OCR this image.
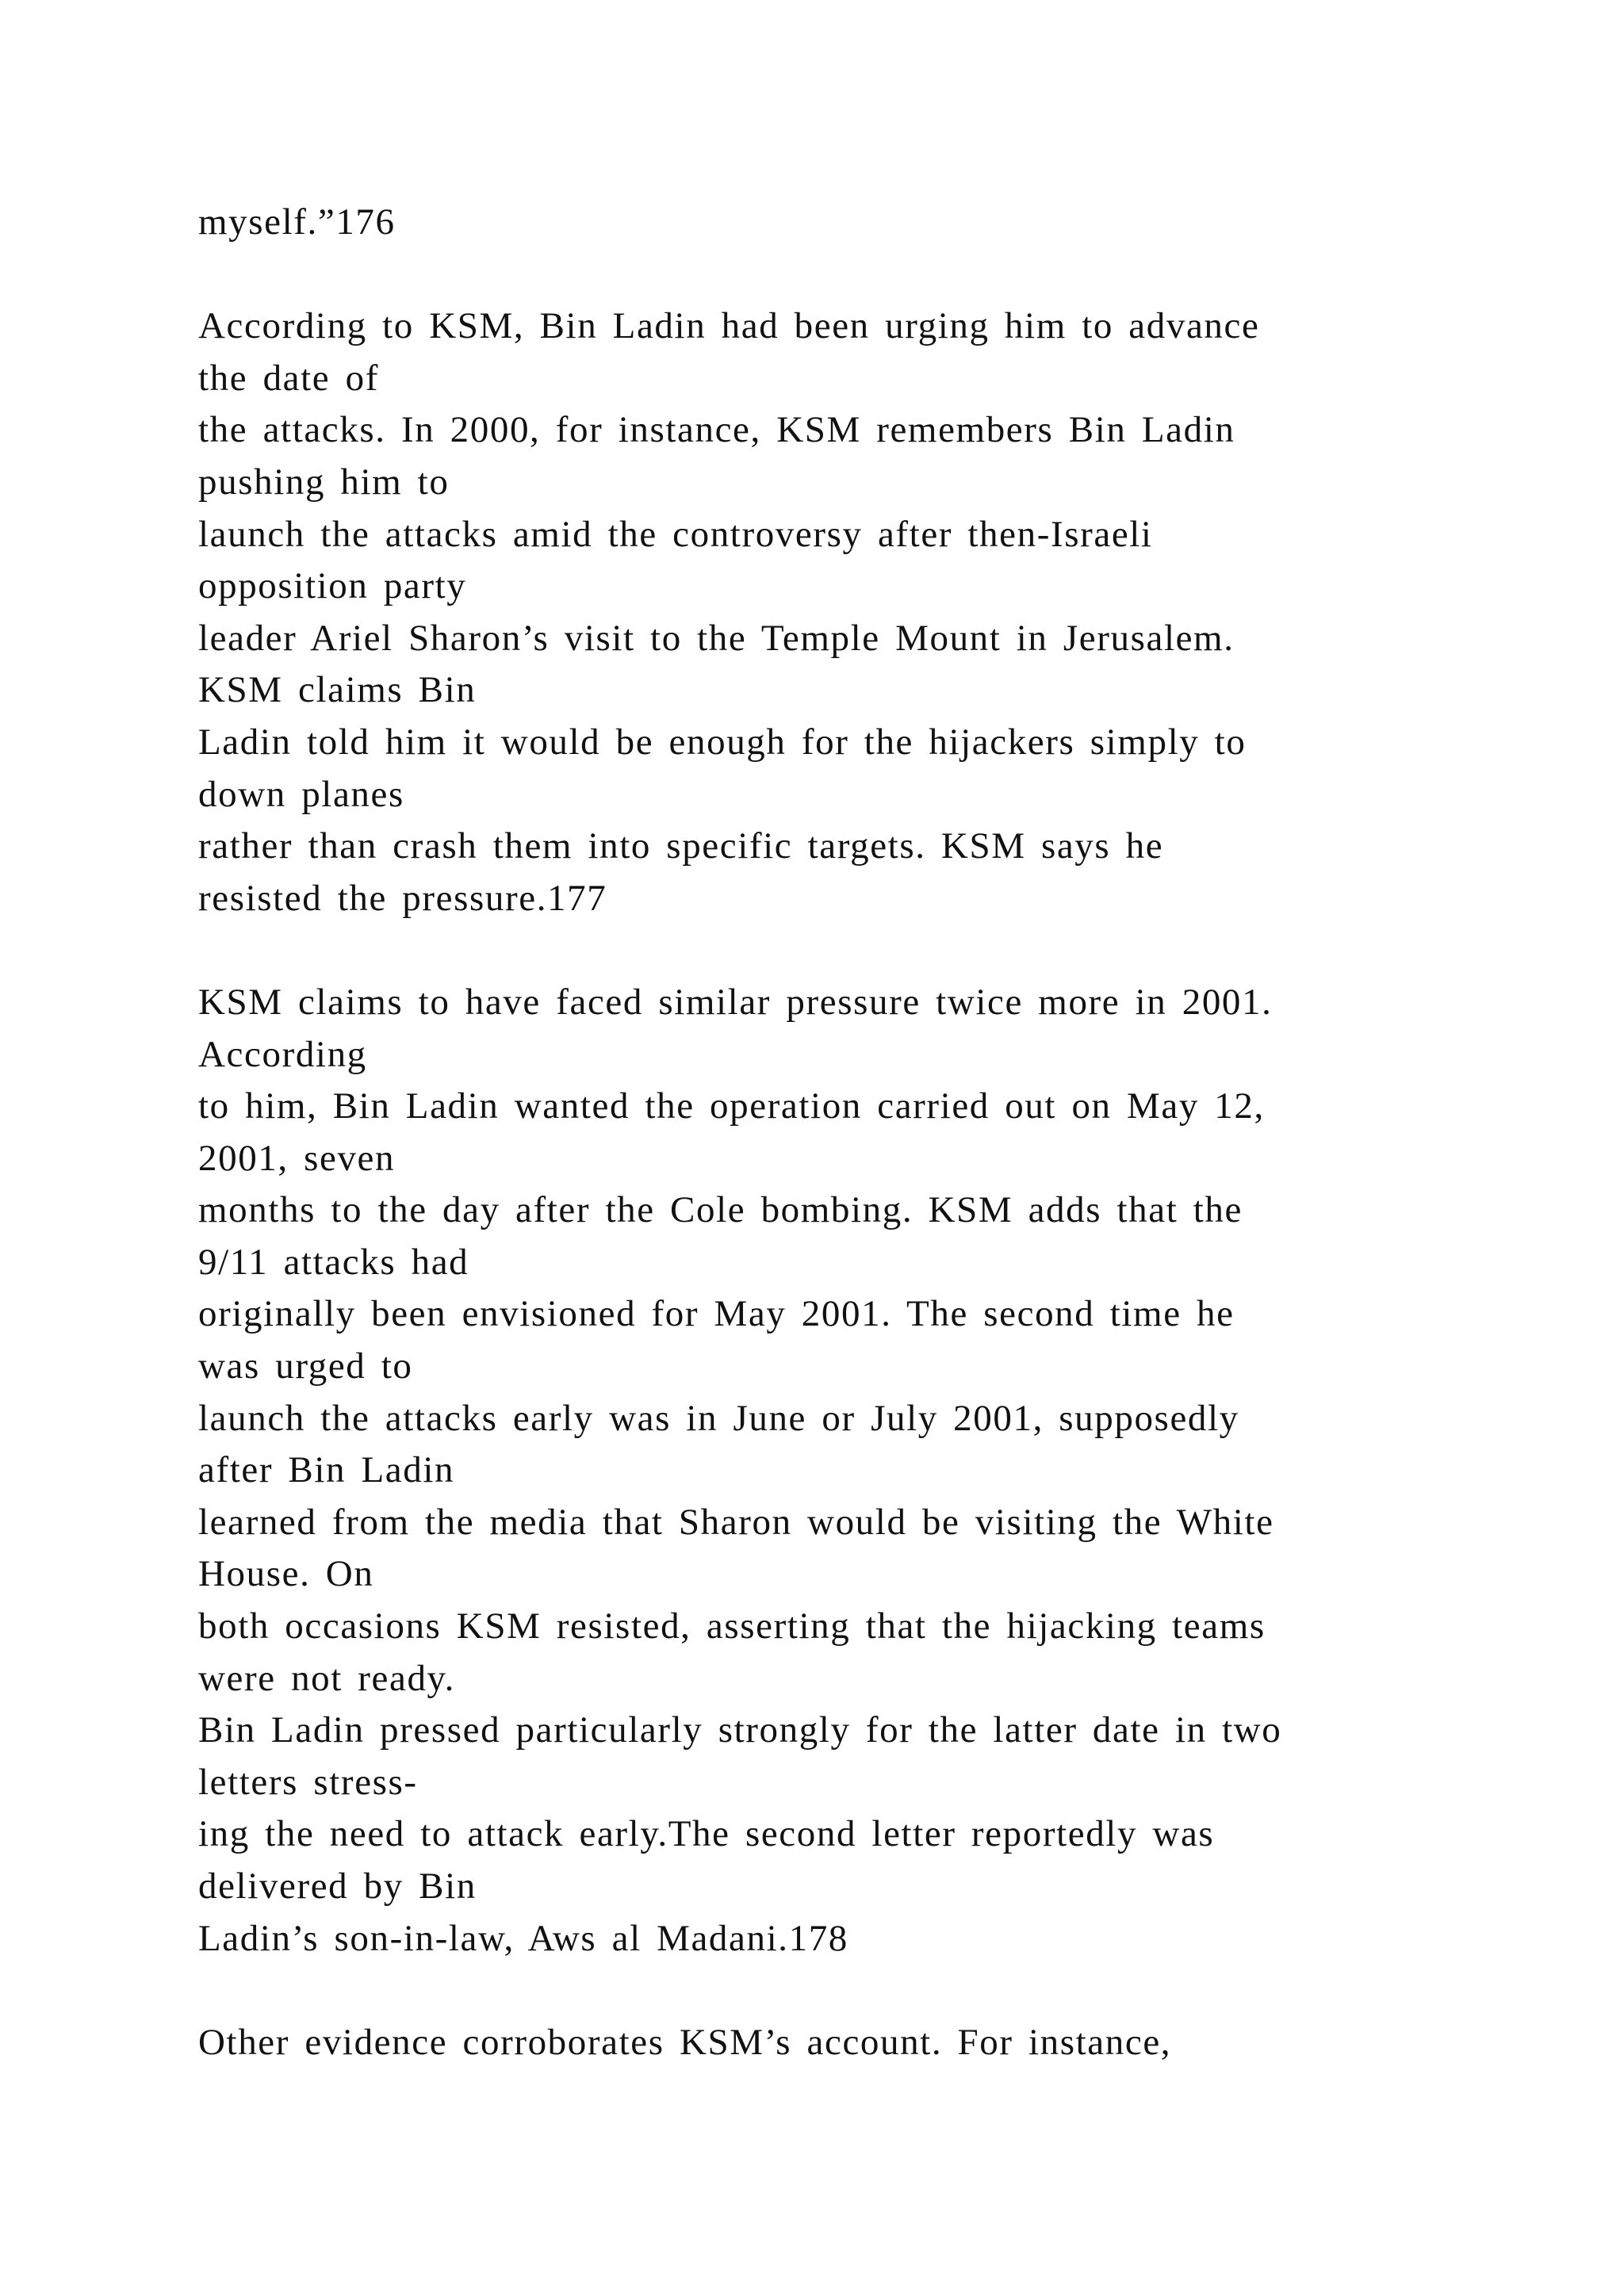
myself.”176
According to KSM, Bin Ladin had been urging him to advance
the date of
the attacks. In 2000, for instance, KSM remembers Bin Ladin
pushing him to
launch the attacks amid the controversy after then-Israeli
opposition party
leader Ariel Sharon’s visit to the Temple Mount in Jerusalem.
KSM claims Bin
Ladin told him it would be enough for the hijackers simply to
down planes
rather than crash them into specific targets. KSM says he
resisted the pressure.177
KSM claims to have faced similar pressure twice more in 2001.
According
to him, Bin Ladin wanted the operation carried out on May 12,
2001, seven
months to the day after the Cole bombing. KSM adds that the
9/11 attacks had
originally been envisioned for May 2001. The second time he
was urged to
launch the attacks early was in June or July 2001, supposedly
after Bin Ladin
learned from the media that Sharon would be visiting the White
House. On
both occasions KSM resisted, asserting that the hijacking teams
were not ready.
Bin Ladin pressed particularly strongly for the latter date in two
letters stress-
ing the need to attack early.The second letter reportedly was
delivered by Bin
Ladin’s son-in-law, Aws al Madani.178
Other evidence corroborates KSM’s account. For instance,
